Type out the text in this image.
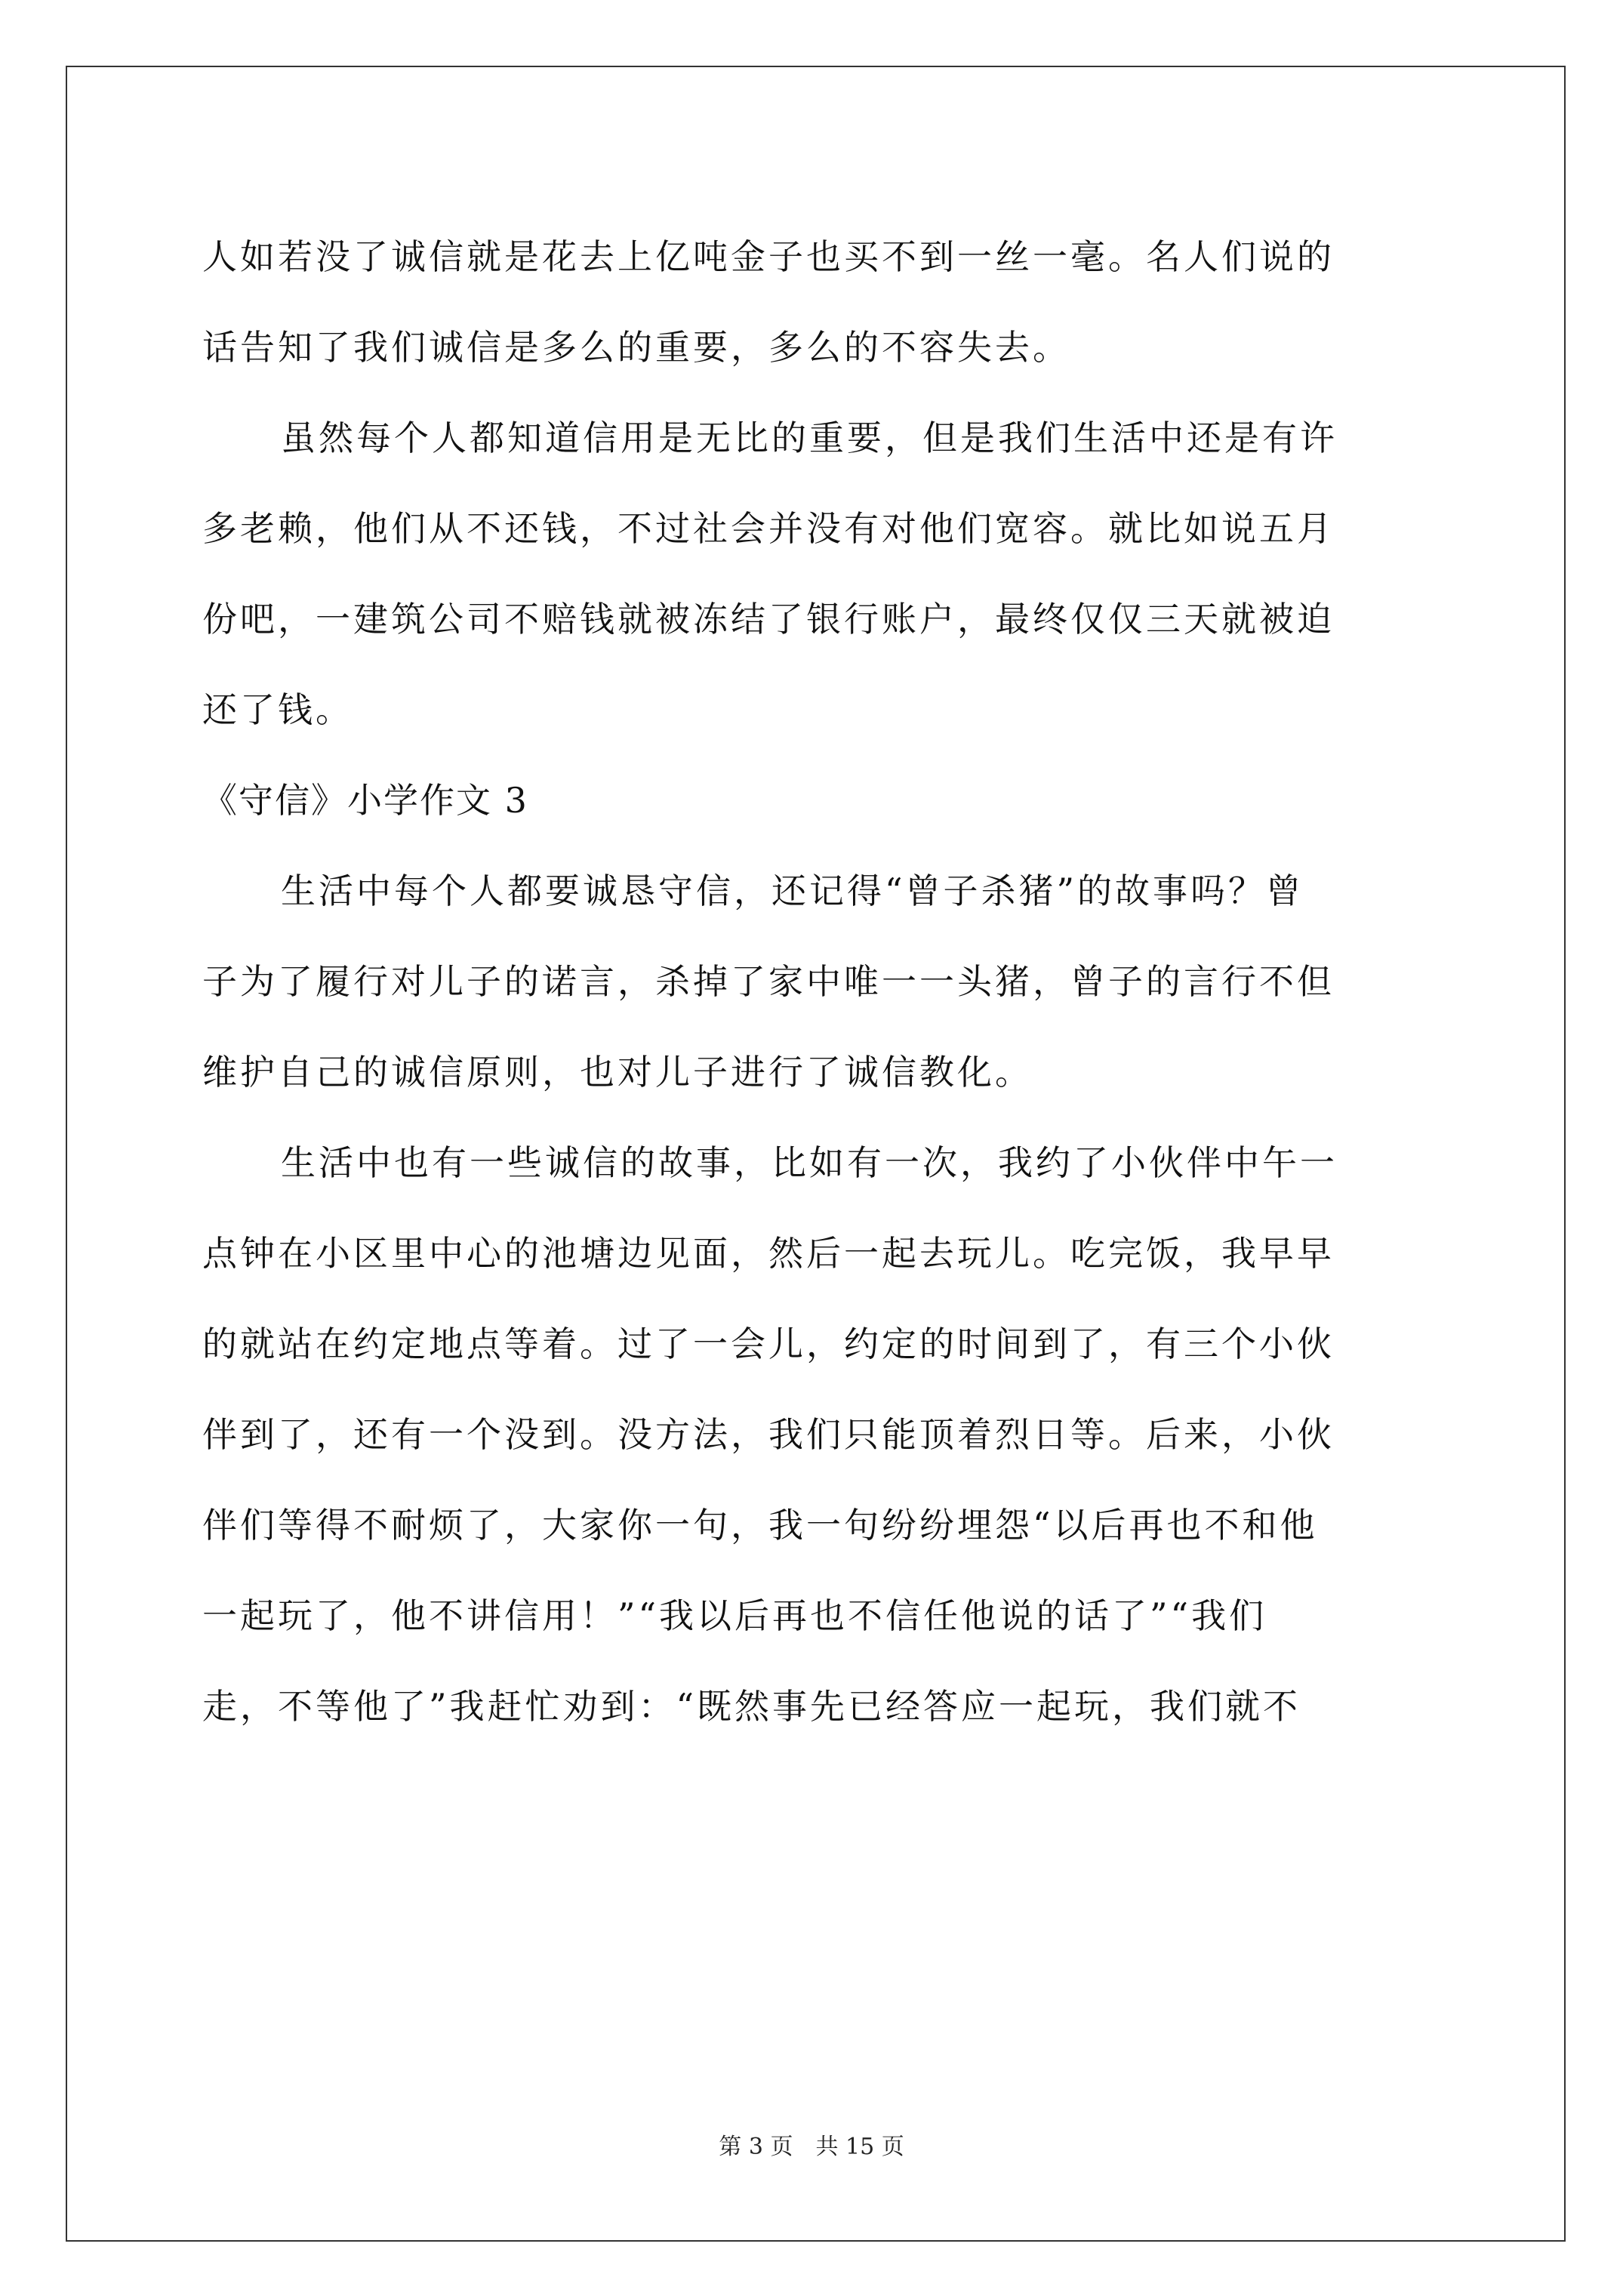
人如若没了诚信就是花去上亿吨金子也买不到一丝一毫。名人们说的
话告知了我们诚信是多么的重要，多么的不容失去。
虽然每个人都知道信用是无比的重要，但是我们生活中还是有许
多老赖，他们从不还钱，不过社会并没有对他们宽容。就比如说五月
份吧，一建筑公司不赔钱就被冻结了银行账户，最终仅仅三天就被迫
还了钱。
《守信》小学作文 3
生活中每个人都要诚恳守信，还记得“曾子杀猪”的故事吗？曾
子为了履行对儿子的诺言，杀掉了家中唯一一头猪，曾子的言行不但
维护自己的诚信原则，也对儿子进行了诚信教化。
生活中也有一些诚信的故事，比如有一次，我约了小伙伴中午一
点钟在小区里中心的池塘边见面，然后一起去玩儿。吃完饭，我早早
的就站在约定地点等着。过了一会儿，约定的时间到了，有三个小伙
伴到了，还有一个没到。没方法，我们只能顶着烈日等。后来，小伙
伴们等得不耐烦了，大家你一句，我一句纷纷埋怨“以后再也不和他
一起玩了，他不讲信用！”“我以后再也不信任他说的话了”“我们
走，不等他了”我赶忙劝到：“既然事先已经答应一起玩，我们就不
第 3 页　共 15 页
